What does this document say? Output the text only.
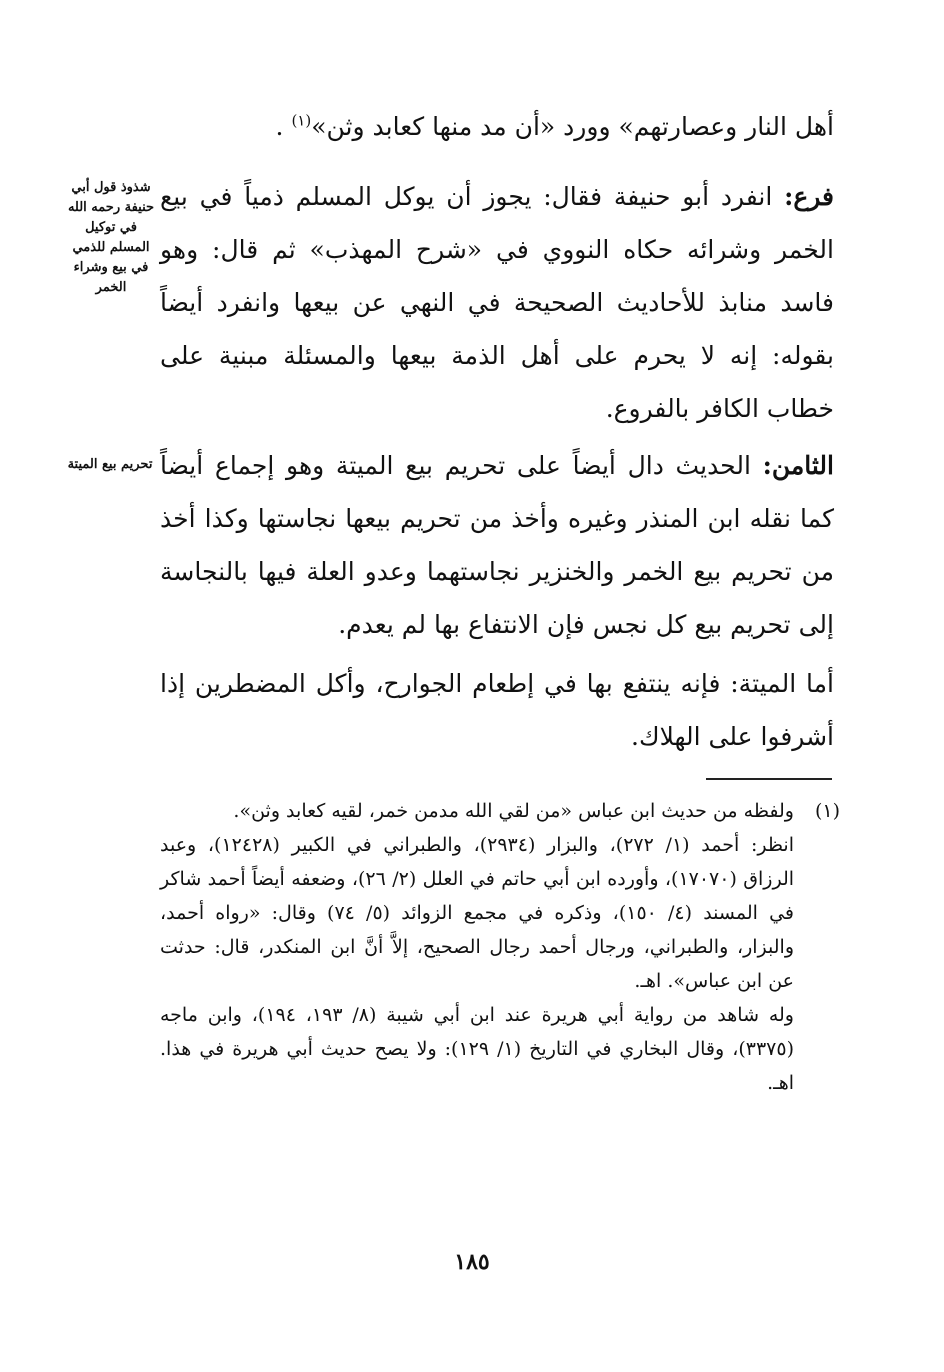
أهل النار وعصارتهم» وورد «أن مد منها كعابد وثن»$^{(١)}$ .

فرع: انفرد أبو حنيفة فقال: يجوز أن يوكل المسلم ذمياً في بيع الخمر وشرائه حكاه النووي في «شرح المهذب» ثم قال: وهو فاسد منابذ للأحاديث الصحيحة في النهي عن بيعها وانفرد أيضاً بقوله: إنه لا يحرم على أهل الذمة بيعها والمسئلة مبنية على خطاب الكافر بالفروع.

شذوذ قول أبي حنيفة رحمه الله في توكيل المسلم للذمي في بيع وشراء الخمر

الثامن: الحديث دال أيضاً على تحريم بيع الميتة وهو إجماع أيضاً كما نقله ابن المنذر وغيره وأخذ من تحريم بيعها نجاستها وكذا أخذ من تحريم بيع الخمر والخنزير نجاستهما وعدو العلة فيها بالنجاسة إلى تحريم بيع كل نجس فإن الانتفاع بها لم يعدم.

تحريم بيع الميتة

أما الميتة: فإنه ينتفع بها في إطعام الجوارح، وأكل المضطرين إذا أشرفوا على الهلاك.

(١)
ولفظه من حديث ابن عباس «من لقي الله مدمن خمر، لقيه كعابد وثن».
انظر: أحمد (١/ ٢٧٢)، والبزار (٢٩٣٤)، والطبراني في الكبير (١٢٤٢٨)، وعبد الرزاق (١٧٠٧٠)، وأورده ابن أبي حاتم في العلل (٢/ ٢٦)، وضعفه أيضاً أحمد شاكر في المسند (٤/ ١٥٠)، وذكره في مجمع الزوائد (٥/ ٧٤) وقال: «رواه أحمد، والبزار، والطبراني، ورجال أحمد رجال الصحيح، إلاَّ أنَّ ابن المنكدر، قال: حدثت عن ابن عباس». اهـ.
وله شاهد من رواية أبي هريرة عند ابن أبي شيبة (٨/ ١٩٣، ١٩٤)، وابن ماجه (٣٣٧٥)، وقال البخاري في التاريخ (١/ ١٢٩): ولا يصح حديث أبي هريرة في هذا. اهـ.
١٨٥
